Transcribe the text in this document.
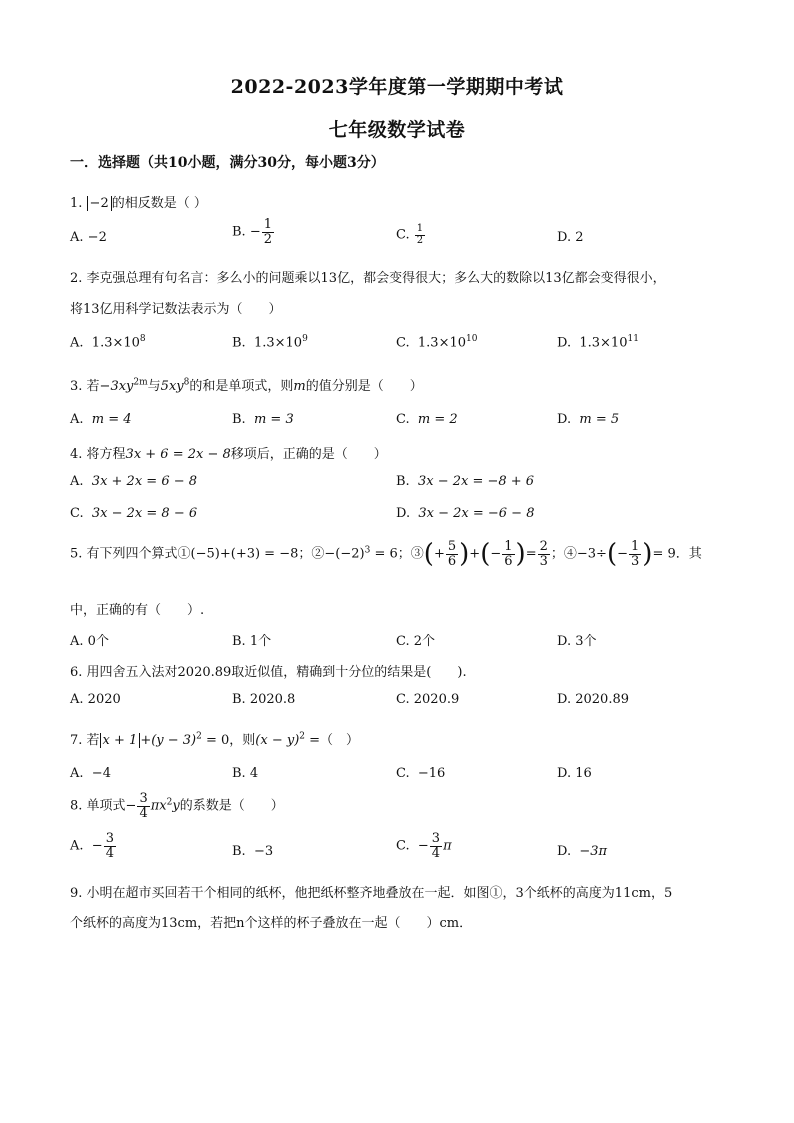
2022-2023学年度第一学期期中考试
七年级数学试卷
一．选择题（共10小题，满分30分，每小题3分）
1. −2 的相反数是（ ）
A. −2	B. − $\frac{1}{2}$	C. $\frac{1}{2}$	D. 2
2. 李克强总理有句名言：多么小的问题乘以13亿，都会变得很大；多么大的数除以13亿都会变得很小，
将13亿用科学记数法表示为（　　）
A. $1.3\times 10^8$	B. $1.3\times 10^9$	C. $1.3\times 10^{10}$	D. $1.3\times 10^{11}$
3. 若$-3xy^{2m}$与$5xy^8$的和是单项式，则m的值分别是（　　）
A. m = 4	B. m = 3	C. m = 2	D. m = 5
4. 将方程3x + 6 = 2x − 8移项后，正确的是（　　）
A. 3x + 2x = 6 − 8	B. 3x − 2x = −8 + 6
C. 3x − 2x = 8 − 6	D. 3x − 2x = −6 − 8
5. 有下列四个算式①(−5)+(+3) = −8；$②-(-2)^3 = 6$；③(+ $\frac{5}{6}$ )+(− $\frac{1}{6}$ )= $\frac{2}{3}$ ；④−3÷(− $\frac{1}{3}$ )= 9．其
中，正确的有（　　）.
A. 0个	B. 1个	C. 2个	D. 3个
6. 用四舍五入法对2020.89取近似值，精确到十分位的结果是(　　).
A. 2020	B. 2020.8	C. 2020.9	D. 2020.89
7. 若 $x + 1 +(y - 3)^2 = 0$，则$(x - y)^2$ =（　）
A. −4	B. 4	C. −16	D. 16
8. 单项式− $\frac{3}{4} \pi x^2y$的系数是（　　）
A. − $\frac{3}{4}$	B. −3	C. − $\frac{3}{4}$ π	D. −3π
9. 小明在超市买回若干个相同的纸杯，他把纸杯整齐地叠放在一起．如图①，3个纸杯的高度为11cm，5
个纸杯的高度为13cm，若把n个这样的杯子叠放在一起（　　）cm．
